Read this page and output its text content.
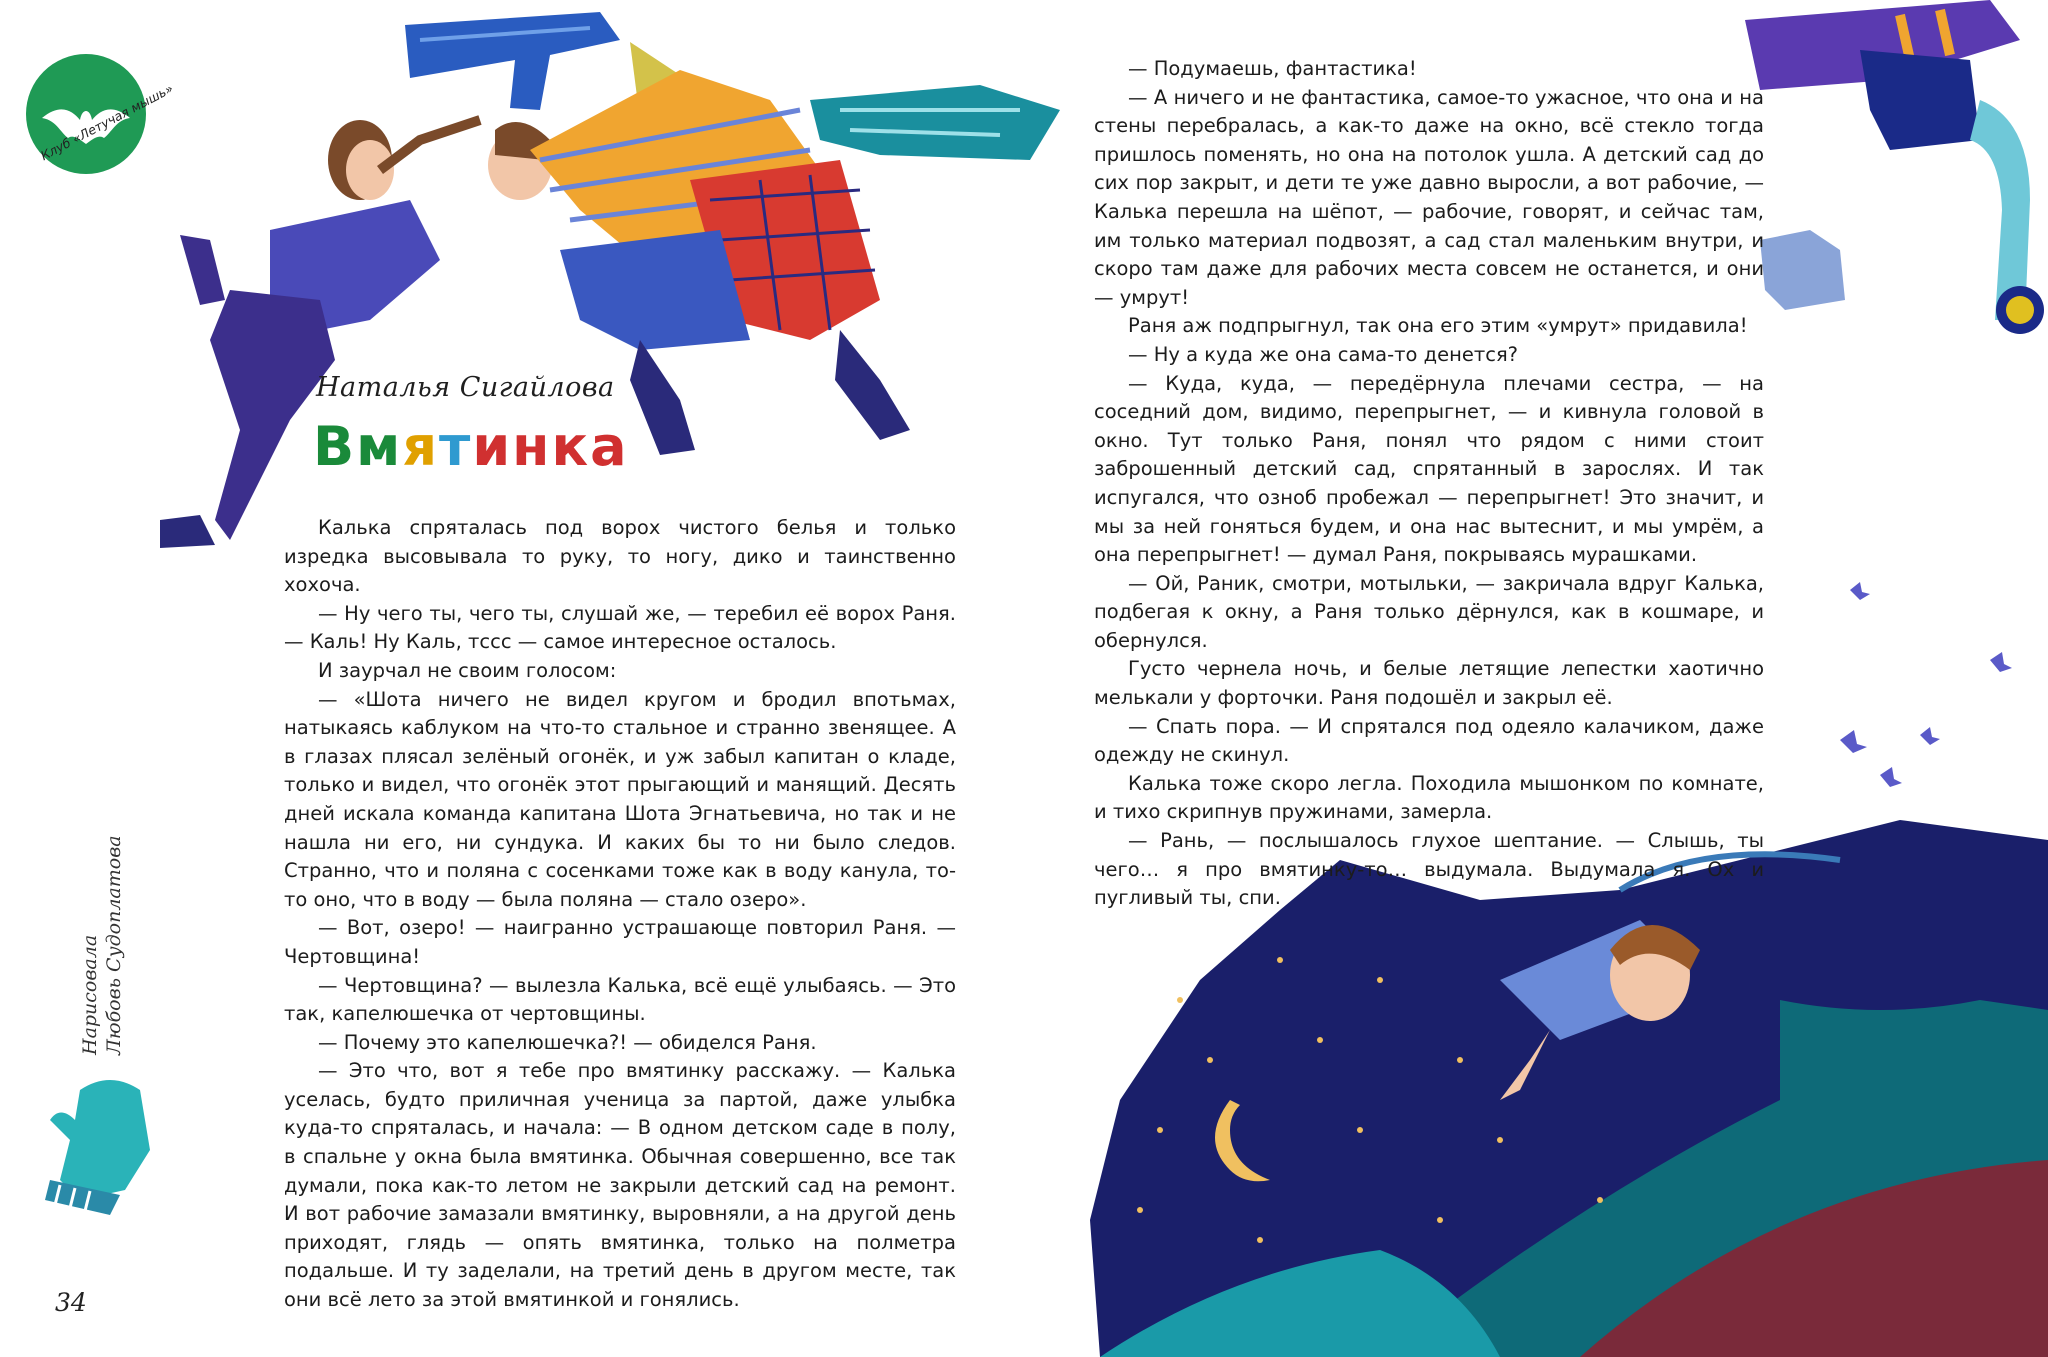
Клуб «Летучая мышь»
Наталья Сигайлова
Вмятинка

Калька спряталась под ворох чистого белья и только изредка высовывала то руку, то ногу, дико и таинственно хохоча.

— Ну чего ты, чего ты, слушай же, — теребил её ворох Раня. — Каль! Ну Каль, тссс — самое интересное осталось.

И заурчал не своим голосом:

— «Шота ничего не видел кругом и бродил впотьмах, натыкаясь каблуком на что-то стальное и странно звенящее. А в глазах плясал зелёный огонёк, и уж забыл капитан о кладе, только и видел, что огонёк этот прыгающий и манящий. Десять дней искала команда капитана Шота Эгнатьевича, но так и не нашла ни его, ни сундука. И каких бы то ни было следов. Странно, что и поляна с сосенками тоже как в воду канула, то-то оно, что в воду — была поляна — стало озеро».

— Вот, озеро! — наигранно устрашающе повторил Раня. — Чертовщина!

— Чертовщина? — вылезла Калька, всё ещё улыбаясь. — Это так, капелюшечка от чертовщины.

— Почему это капелюшечка?! — обиделся Раня.

— Это что, вот я тебе про вмятинку расскажу. — Калька уселась, будто приличная ученица за партой, даже улыбка куда-то спряталась, и начала: — В одном детском саде в полу, в спальне у окна была вмятинка. Обычная совершенно, все так думали, пока как-то летом не закрыли детский сад на ремонт. И вот рабочие замазали вмятинку, выровняли, а на другой день приходят, глядь — опять вмятинка, только на полметра подальше. И ту заделали, на третий день в другом месте, так они всё лето за этой вмятинкой и гонялись.

— Подумаешь, фантастика!

— А ничего и не фантастика, самое-то ужасное, что она и на стены перебралась, а как-то даже на окно, всё стекло тогда пришлось поменять, но она на потолок ушла. А детский сад до сих пор закрыт, и дети те уже давно выросли, а вот рабочие, — Калька перешла на шёпот, — рабочие, говорят, и сейчас там, им только материал подвозят, а сад стал маленьким внутри, и скоро там даже для рабочих места совсем не останется, и они — умрут!

Раня аж подпрыгнул, так она его этим «умрут» придавила!

— Ну а куда же она сама-то денется?

— Куда, куда, — передёрнула плечами сестра, — на соседний дом, видимо, перепрыгнет, — и кивнула головой в окно. Тут только Раня, понял что рядом с ними стоит заброшенный детский сад, спрятанный в зарослях. И так испугался, что озноб пробежал — перепрыгнет! Это значит, и мы за ней гоняться будем, и она нас вытеснит, и мы умрём, а она перепрыгнет! — думал Раня, покрываясь мурашками.

— Ой, Раник, смотри, мотыльки, — закричала вдруг Калька, подбегая к окну, а Раня только дёрнулся, как в кошмаре, и обернулся.

Густо чернела ночь, и белые летящие лепестки хаотично мелькали у форточки. Раня подошёл и закрыл её.

— Спать пора. — И спрятался под одеяло калачиком, даже одежду не скинул.

Калька тоже скоро легла. Походила мышонком по комнате, и тихо скрипнув пружинами, замерла.

— Рань, — послышалось глухое шептание. — Слышь, ты чего… я про вмятинку-то… выдумала. Выдумала я. Ох и пугливый ты, спи.

Нарисовала Любовь Судоплатова
34
